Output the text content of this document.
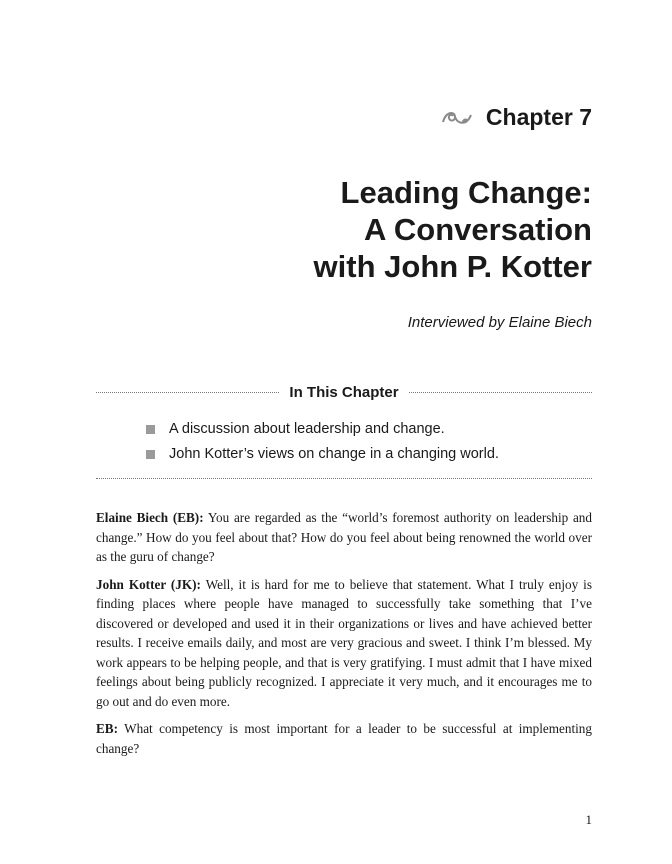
Chapter 7
Leading Change:
A Conversation
with John P. Kotter
Interviewed by Elaine Biech
In This Chapter
A discussion about leadership and change.
John Kotter’s views on change in a changing world.

Elaine Biech (EB): You are regarded as the “world’s foremost authority on leadership and change.” How do you feel about that? How do you feel about being renowned the world over as the guru of change?

John Kotter (JK): Well, it is hard for me to believe that statement. What I truly enjoy is finding places where people have managed to successfully take something that I’ve discovered or developed and used it in their organizations or lives and have achieved better results. I receive emails daily, and most are very gracious and sweet. I think I’m blessed. My work appears to be helping people, and that is very gratifying. I must admit that I have mixed feelings about being publicly recognized. I appreciate it very much, and it encourages me to go out and do even more.

EB: What competency is most important for a leader to be successful at implementing change?

1
